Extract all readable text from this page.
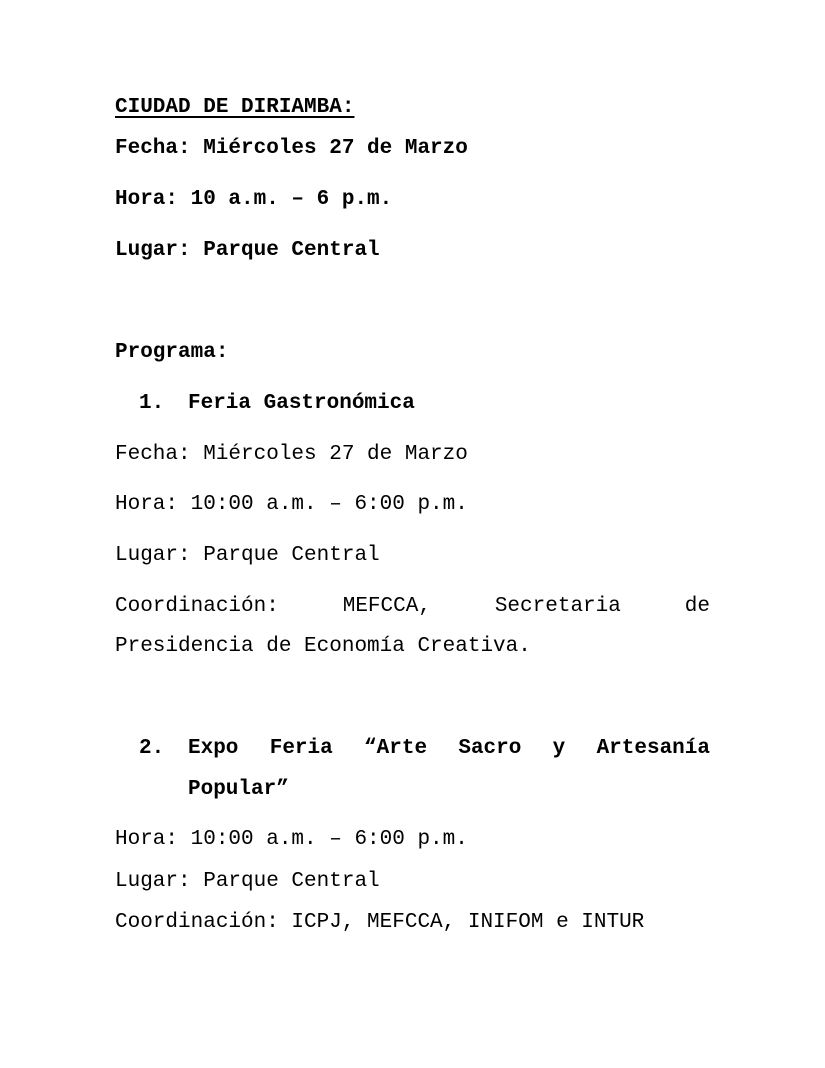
CIUDAD DE DIRIAMBA:
Fecha: Miércoles 27 de Marzo
Hora: 10 a.m. – 6 p.m.
Lugar: Parque Central
Programa:
1. Feria Gastronómica
Fecha: Miércoles 27 de Marzo
Hora: 10:00 a.m. – 6:00 p.m.
Lugar: Parque Central
Coordinación:	MEFCCA,	Secretaria	de
Presidencia de Economía Creativa.
2. Expo Feria “Arte Sacro y Artesanía
Popular”
Hora: 10:00 a.m. – 6:00 p.m.
Lugar: Parque Central
Coordinación: ICPJ, MEFCCA, INIFOM e INTUR
